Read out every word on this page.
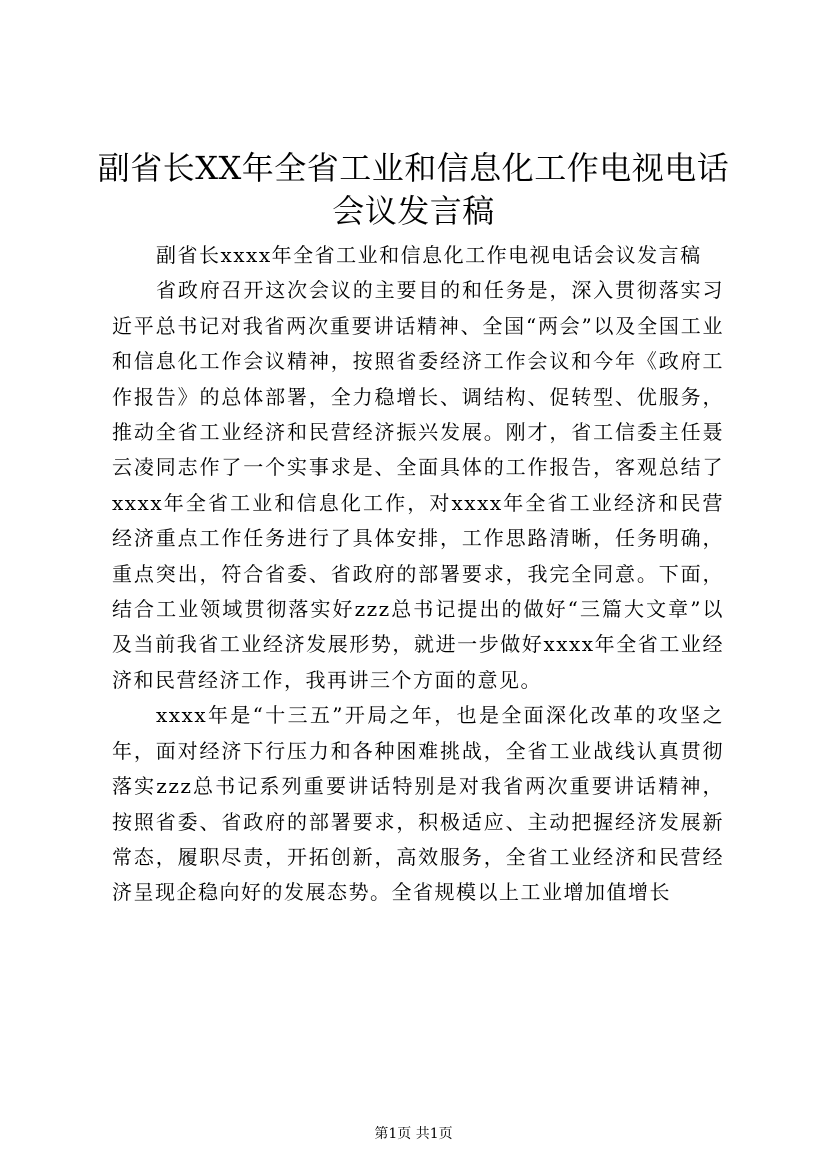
副省长XX年全省工业和信息化工作电视电话
会议发言稿

副省长xxxx年全省工业和信息化工作电视电话会议发言稿

省政府召开这次会议的主要目的和任务是，深入贯彻落实习近平总书记对我省两次重要讲话精神、全国“两会”以及全国工业和信息化工作会议精神，按照省委经济工作会议和今年《政府工作报告》的总体部署，全力稳增长、调结构、促转型、优服务，推动全省工业经济和民营经济振兴发展。刚才，省工信委主任聂云凌同志作了一个实事求是、全面具体的工作报告，客观总结了xxxx年全省工业和信息化工作，对xxxx年全省工业经济和民营经济重点工作任务进行了具体安排，工作思路清晰，任务明确，重点突出，符合省委、省政府的部署要求，我完全同意。下面，结合工业领域贯彻落实好zzz总书记提出的做好“三篇大文章”以及当前我省工业经济发展形势，就进一步做好xxxx年全省工业经济和民营经济工作，我再讲三个方面的意见。

xxxx年是“十三五”开局之年，也是全面深化改革的攻坚之年，面对经济下行压力和各种困难挑战，全省工业战线认真贯彻落实zzz总书记系列重要讲话特别是对我省两次重要讲话精神，按照省委、省政府的部署要求，积极适应、主动把握经济发展新常态，履职尽责，开拓创新，高效服务，全省工业经济和民营经济呈现企稳向好的发展态势。全省规模以上工业增加值增长

第1页 共1页
